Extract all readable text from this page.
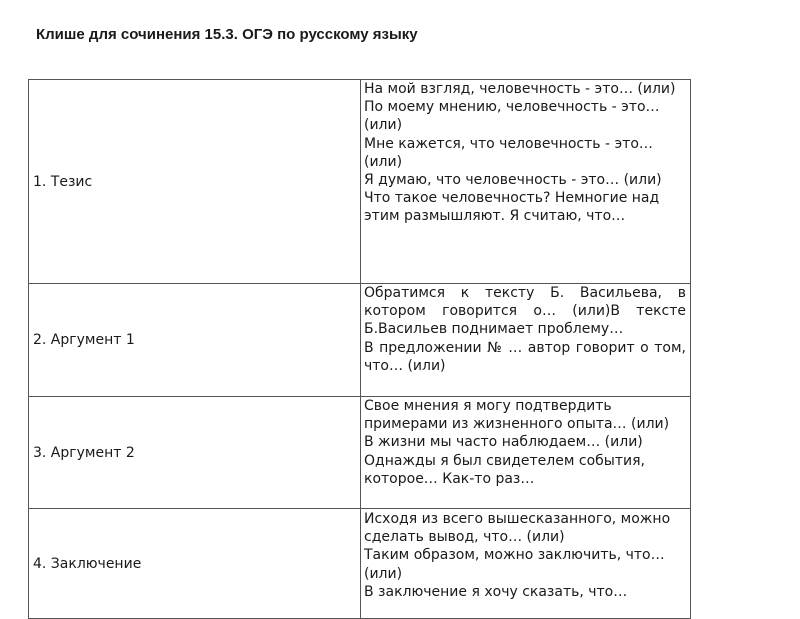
Клише для сочинения 15.3. ОГЭ по русскому языку
1. Тезис	На мой взгляд, человечность - это… (или)
По моему мнению, человечность - это… (или)
Мне кажется, что человечность - это… (или)
Я думаю, что человечность - это… (или)
Что такое человечность? Немногие над этим размышляют. Я считаю, что…

2. Аргумент 1	Обратимся к тексту Б. Васильева, в котором говорится о… (или)В тексте Б.Васильев поднимает проблему…
В предложении № … автор говорит о том, что… (или)

3. Аргумент 2	Свое мнения я могу подтвердить примерами из жизненного опыта… (или)
В жизни мы часто наблюдаем… (или)
Однажды я был свидетелем события, которое… Как-то раз…

4. Заключение	Исходя из всего вышесказанного, можно сделать вывод, что… (или)
Таким образом, можно заключить, что… (или)
В заключение я хочу сказать, что…
